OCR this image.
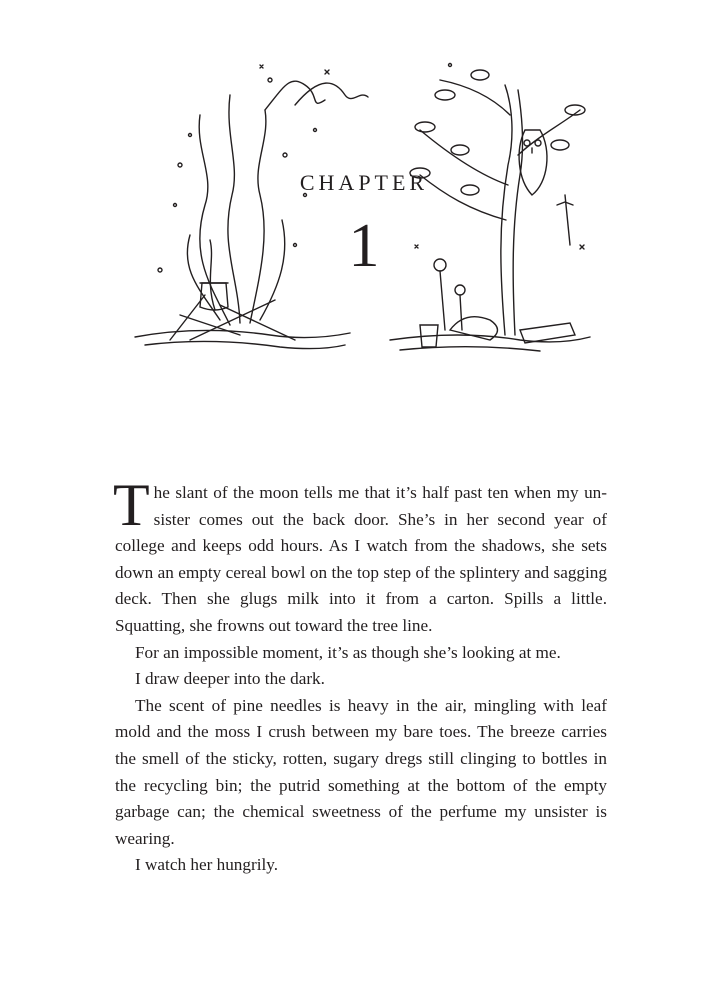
CHAPTER
1

The slant of the moon tells me that it’s half past ten when my unsister comes out the back door. She’s in her second year of college and keeps odd hours. As I watch from the shadows, she sets down an empty cereal bowl on the top step of the splintery and sagging deck. Then she glugs milk into it from a carton. Spills a little. Squatting, she frowns out toward the tree line.

For an impossible moment, it’s as though she’s looking at me.

I draw deeper into the dark.

The scent of pine needles is heavy in the air, mingling with leaf mold and the moss I crush between my bare toes. The breeze carries the smell of the sticky, rotten, sugary dregs still clinging to bottles in the recycling bin; the putrid something at the bottom of the empty garbage can; the chemical sweetness of the perfume my unsister is wearing.

I watch her hungrily.
